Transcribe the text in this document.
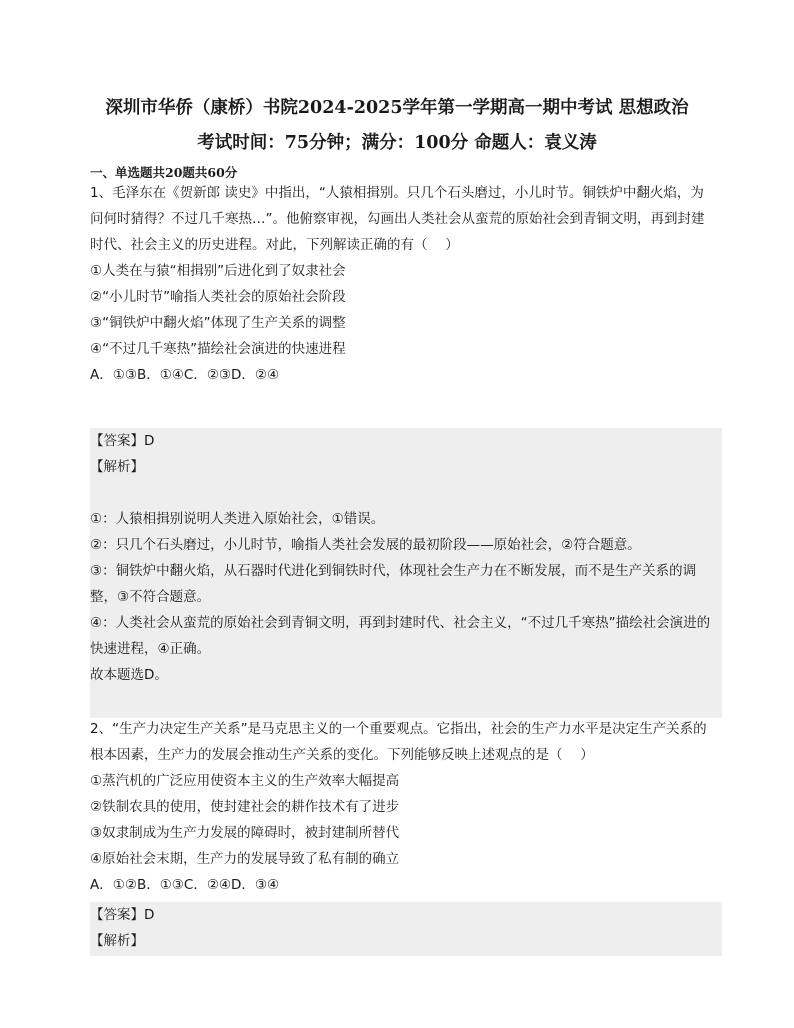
深圳市华侨（康桥）书院2024-2025学年第一学期高一期中考试 思想政治
考试时间：75分钟；满分：100分 命题人：袁义涛
一、单选题共20题共60分

1、毛泽东在《贺新郎 读史》中指出，“人猿相揖别。只几个石头磨过，小儿时节。铜铁炉中翻火焰，为

问何时猜得？不过几千寒热…”。他俯察审视，勾画出人类社会从蛮荒的原始社会到青铜文明，再到封建

时代、社会主义的历史进程。对此，下列解读正确的有（　 ）

①人类在与猿“相揖别”后进化到了奴隶社会

②“小儿时节”喻指人类社会的原始社会阶段

③“铜铁炉中翻火焰”体现了生产关系的调整

④“不过几千寒热”描绘社会演进的快速进程

A．①③B．①④C．②③D．②④

【答案】D

【解析】

①：人猿相揖别说明人类进入原始社会，①错误。

②：只几个石头磨过，小儿时节，喻指人类社会发展的最初阶段——原始社会，②符合题意。

③：铜铁炉中翻火焰，从石器时代进化到铜铁时代，体现社会生产力在不断发展，而不是生产关系的调

整，③不符合题意。

④：人类社会从蛮荒的原始社会到青铜文明，再到封建时代、社会主义，“不过几千寒热”描绘社会演进的

快速进程，④正确。

故本题选D。

2、“生产力决定生产关系”是马克思主义的一个重要观点。它指出，社会的生产力水平是决定生产关系的

根本因素，生产力的发展会推动生产关系的变化。下列能够反映上述观点的是（　 ）

①蒸汽机的广泛应用使资本主义的生产效率大幅提高

②铁制农具的使用，使封建社会的耕作技术有了进步

③奴隶制成为生产力发展的障碍时，被封建制所替代

④原始社会末期，生产力的发展导致了私有制的确立

A．①②B．①③C．②④D．③④

【答案】D

【解析】
